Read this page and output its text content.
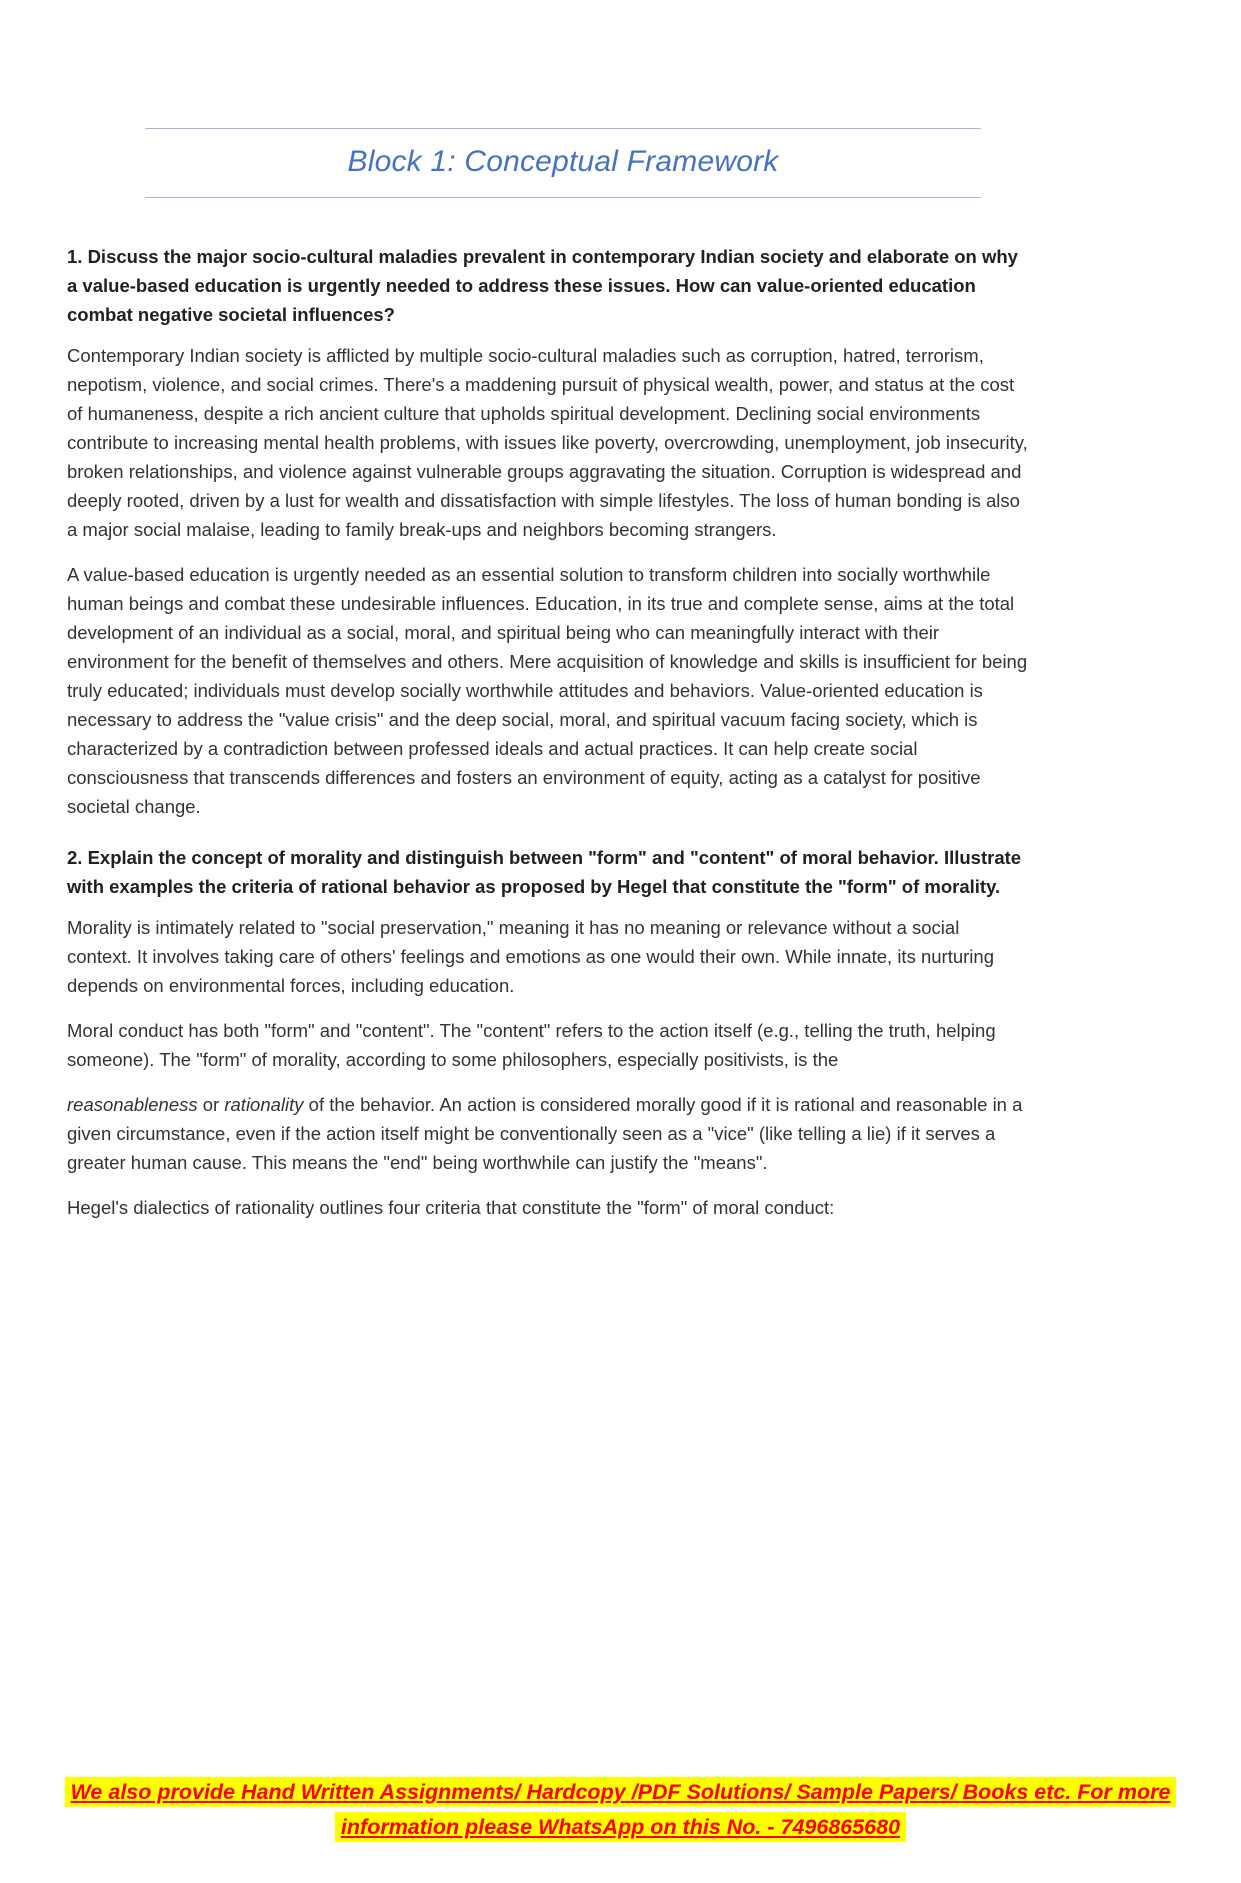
Block 1: Conceptual Framework

1. Discuss the major socio-cultural maladies prevalent in contemporary Indian society and elaborate on why a value-based education is urgently needed to address these issues. How can value-oriented education combat negative societal influences?

Contemporary Indian society is afflicted by multiple socio-cultural maladies such as corruption, hatred, terrorism, nepotism, violence, and social crimes. There's a maddening pursuit of physical wealth, power, and status at the cost of humaneness, despite a rich ancient culture that upholds spiritual development. Declining social environments contribute to increasing mental health problems, with issues like poverty, overcrowding, unemployment, job insecurity, broken relationships, and violence against vulnerable groups aggravating the situation. Corruption is widespread and deeply rooted, driven by a lust for wealth and dissatisfaction with simple lifestyles. The loss of human bonding is also a major social malaise, leading to family break-ups and neighbors becoming strangers.

A value-based education is urgently needed as an essential solution to transform children into socially worthwhile human beings and combat these undesirable influences. Education, in its true and complete sense, aims at the total development of an individual as a social, moral, and spiritual being who can meaningfully interact with their environment for the benefit of themselves and others. Mere acquisition of knowledge and skills is insufficient for being truly educated; individuals must develop socially worthwhile attitudes and behaviors. Value-oriented education is necessary to address the "value crisis" and the deep social, moral, and spiritual vacuum facing society, which is characterized by a contradiction between professed ideals and actual practices. It can help create social consciousness that transcends differences and fosters an environment of equity, acting as a catalyst for positive societal change.

2. Explain the concept of morality and distinguish between "form" and "content" of moral behavior. Illustrate with examples the criteria of rational behavior as proposed by Hegel that constitute the "form" of morality.

Morality is intimately related to "social preservation," meaning it has no meaning or relevance without a social context. It involves taking care of others' feelings and emotions as one would their own. While innate, its nurturing depends on environmental forces, including education.

Moral conduct has both "form" and "content". The "content" refers to the action itself (e.g., telling the truth, helping someone). The "form" of morality, according to some philosophers, especially positivists, is the

reasonableness or rationality of the behavior. An action is considered morally good if it is rational and reasonable in a given circumstance, even if the action itself might be conventionally seen as a "vice" (like telling a lie) if it serves a greater human cause. This means the "end" being worthwhile can justify the "means".

Hegel's dialectics of rationality outlines four criteria that constitute the "form" of moral conduct:

We also provide Hand Written Assignments/ Hardcopy /PDF Solutions/ Sample Papers/ Books etc. For more information please WhatsApp on this No. - 7496865680
